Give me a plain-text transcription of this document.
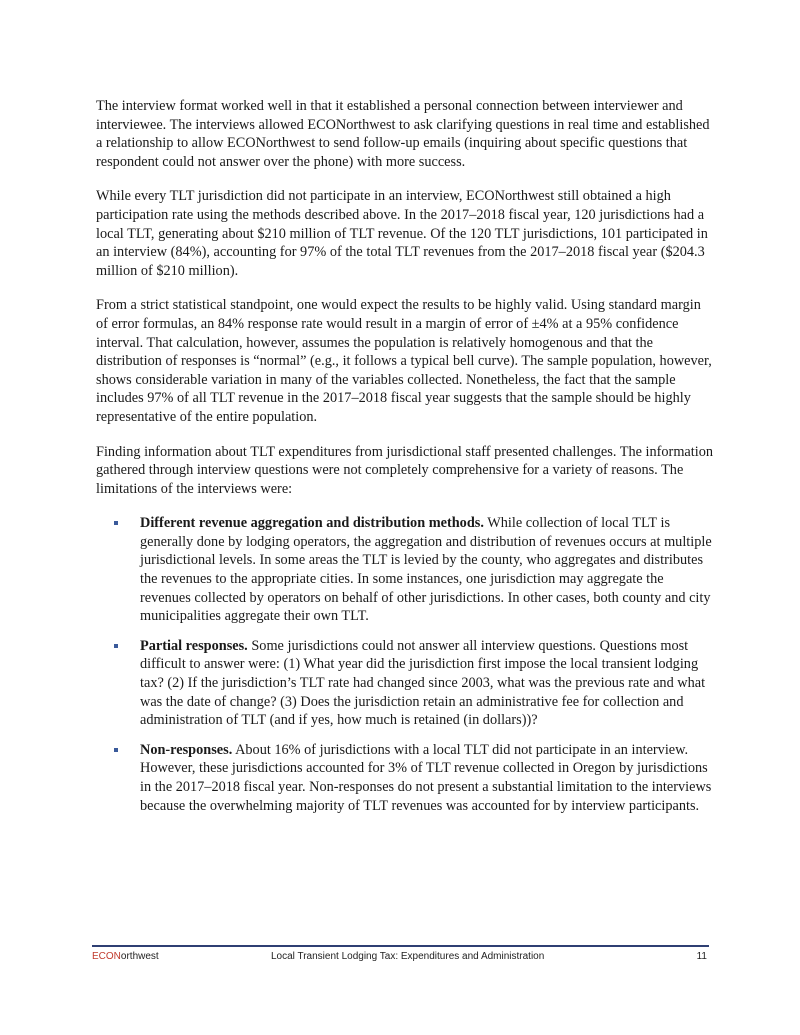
The interview format worked well in that it established a personal connection between interviewer and interviewee. The interviews allowed ECONorthwest to ask clarifying questions in real time and established a relationship to allow ECONorthwest to send follow-up emails (inquiring about specific questions that respondent could not answer over the phone) with more success.

While every TLT jurisdiction did not participate in an interview, ECONorthwest still obtained a high participation rate using the methods described above. In the 2017–2018 fiscal year, 120 jurisdictions had a local TLT, generating about $210 million of TLT revenue. Of the 120 TLT jurisdictions, 101 participated in an interview (84%), accounting for 97% of the total TLT revenues from the 2017–2018 fiscal year ($204.3 million of $210 million).

From a strict statistical standpoint, one would expect the results to be highly valid. Using standard margin of error formulas, an 84% response rate would result in a margin of error of ±4% at a 95% confidence interval. That calculation, however, assumes the population is relatively homogenous and that the distribution of responses is “normal” (e.g., it follows a typical bell curve). The sample population, however, shows considerable variation in many of the variables collected. Nonetheless, the fact that the sample includes 97% of all TLT revenue in the 2017–2018 fiscal year suggests that the sample should be highly representative of the entire population.

Finding information about TLT expenditures from jurisdictional staff presented challenges. The information gathered through interview questions were not completely comprehensive for a variety of reasons. The limitations of the interviews were:

Different revenue aggregation and distribution methods. While collection of local TLT is generally done by lodging operators, the aggregation and distribution of revenues occurs at multiple jurisdictional levels. In some areas the TLT is levied by the county, who aggregates and distributes the revenues to the appropriate cities. In some instances, one jurisdiction may aggregate the revenues collected by operators on behalf of other jurisdictions. In other cases, both county and city municipalities aggregate their own TLT.
Partial responses. Some jurisdictions could not answer all interview questions. Questions most difficult to answer were: (1) What year did the jurisdiction first impose the local transient lodging tax? (2) If the jurisdiction’s TLT rate had changed since 2003, what was the previous rate and what was the date of change? (3) Does the jurisdiction retain an administrative fee for collection and administration of TLT (and if yes, how much is retained (in dollars))?
Non-responses. About 16% of jurisdictions with a local TLT did not participate in an interview. However, these jurisdictions accounted for 3% of TLT revenue collected in Oregon by jurisdictions in the 2017–2018 fiscal year. Non-responses do not present a substantial limitation to the interviews because the overwhelming majority of TLT revenues was accounted for by interview participants.
ECONorthwest	Local Transient Lodging Tax: Expenditures and Administration	11
